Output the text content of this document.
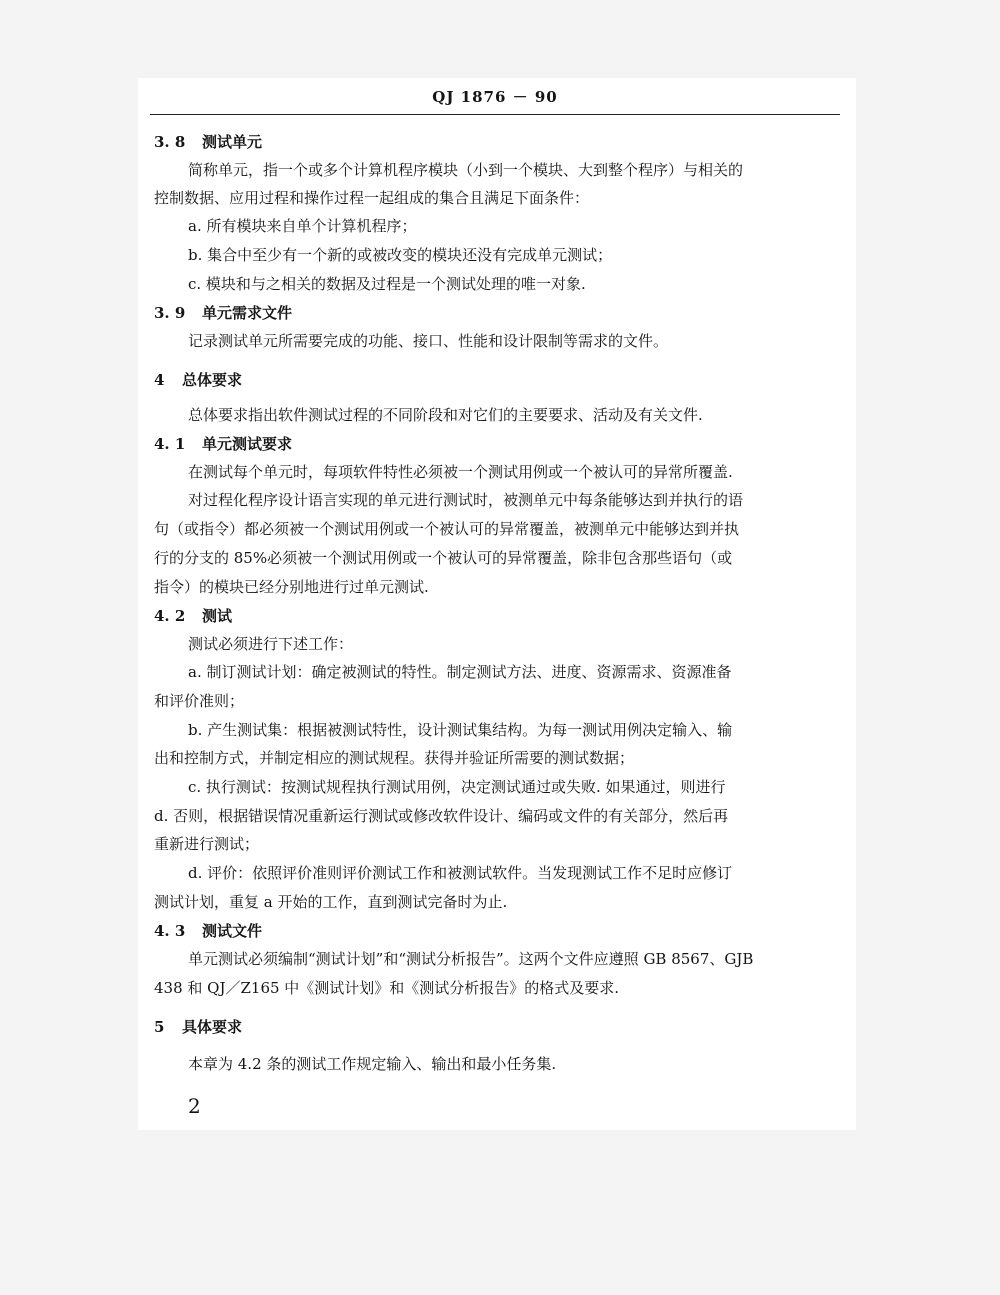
QJ 1876 － 90
3. 8 测试单元
简称单元，指一个或多个计算机程序模块（小到一个模块、大到整个程序）与相关的
控制数据、应用过程和操作过程一起组成的集合且满足下面条件：
a. 所有模块来自单个计算机程序；
b. 集合中至少有一个新的或被改变的模块还没有完成单元测试；
c. 模块和与之相关的数据及过程是一个测试处理的唯一对象.
3. 9 单元需求文件
记录测试单元所需要完成的功能、接口、性能和设计限制等需求的文件。
4 总体要求
总体要求指出软件测试过程的不同阶段和对它们的主要要求、活动及有关文件.
4. 1 单元测试要求
在测试每个单元时，每项软件特性必须被一个测试用例或一个被认可的异常所覆盖.
对过程化程序设计语言实现的单元进行测试时，被测单元中每条能够达到并执行的语
句（或指令）都必须被一个测试用例或一个被认可的异常覆盖，被测单元中能够达到并执
行的分支的 85%必须被一个测试用例或一个被认可的异常覆盖，除非包含那些语句（或
指令）的模块已经分别地进行过单元测试.
4. 2 测试
测试必须进行下述工作：
a. 制订测试计划：确定被测试的特性。制定测试方法、进度、资源需求、资源准备
和评价准则；
b. 产生测试集：根据被测试特性，设计测试集结构。为每一测试用例决定输入、输
出和控制方式，并制定相应的测试规程。获得并验证所需要的测试数据；
c. 执行测试：按测试规程执行测试用例，决定测试通过或失败. 如果通过，则进行
d. 否则，根据错误情况重新运行测试或修改软件设计、编码或文件的有关部分，然后再
重新进行测试；
d. 评价：依照评价准则评价测试工作和被测试软件。当发现测试工作不足时应修订
测试计划，重复 a 开始的工作，直到测试完备时为止.
4. 3 测试文件
单元测试必须编制“测试计划”和“测试分析报告”。这两个文件应遵照 GB 8567、GJB
438 和 QJ／Z165 中《测试计划》和《测试分析报告》的格式及要求.
5 具体要求
本章为 4.2 条的测试工作规定输入、输出和最小任务集.
2
